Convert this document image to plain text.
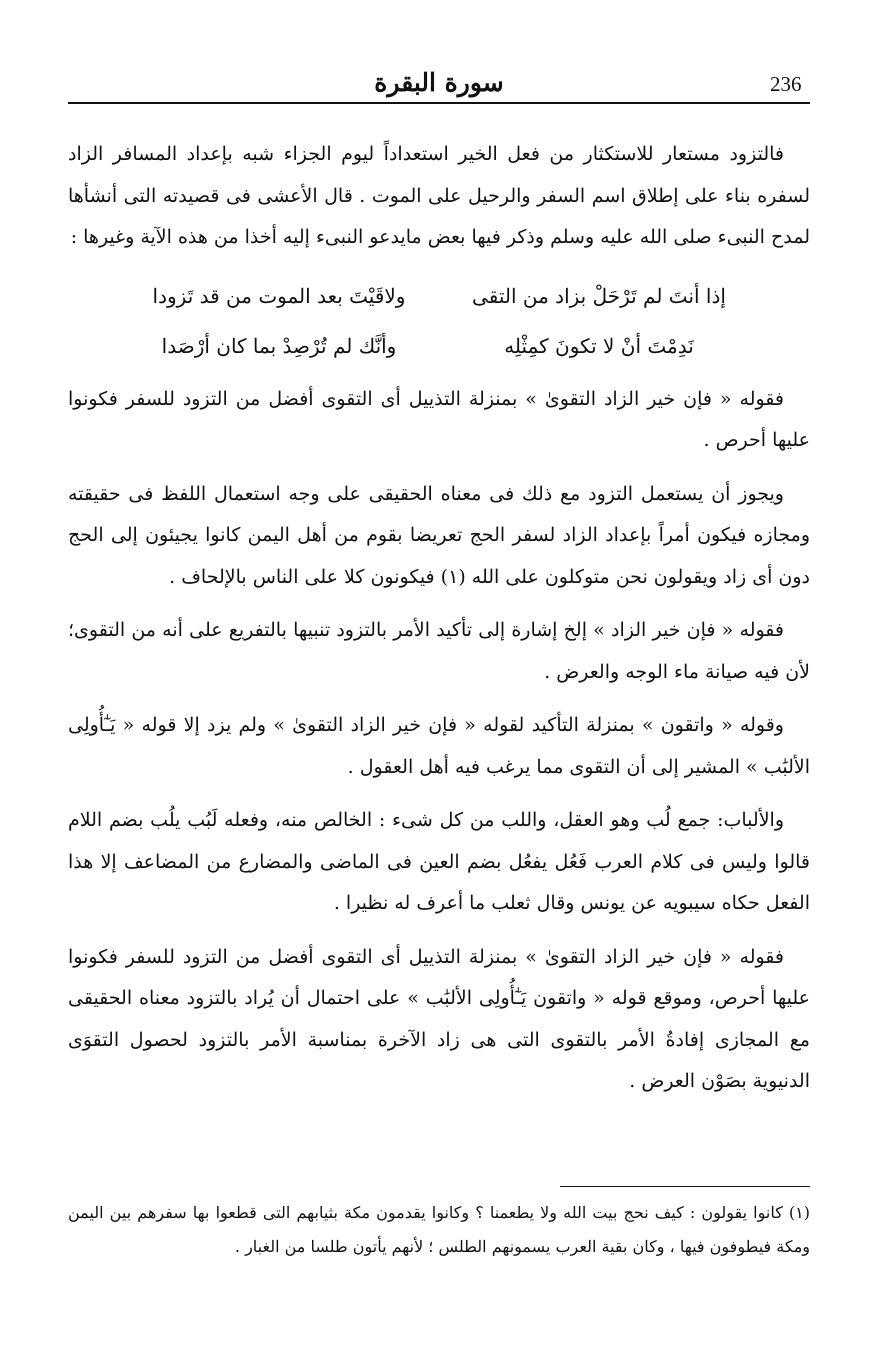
236
سورة البقرة

فالتزود مستعار للاستكثار من فعل الخير استعداداً ليوم الجزاء شبه بإعداد المسافر الزاد لسفره بناء على إطلاق اسم السفر والرحيل على الموت . قال الأعشى فى قصيدته التى أنشأها لمدح النبىء صلى الله عليه وسلم وذكر فيها بعض مايدعو النبىء إليه أخذا من هذه الآية وغيرها :

إذا أنتَ لم تَرْحَلْ بزاد من التقى
ولاقَيْتَ بعد الموت من قد تَزودا
نَدِمْتَ أنْ لا تكونَ كمِثْلِه
وأنَّك لم تُرْصِدْ بما كان أرْصَدا

فقوله « فإن خير الزاد التقوىٰ » بمنزلة التذييل أى التقوى أفضل من التزود للسفر فكونوا عليها أحرص .

ويجوز أن يستعمل التزود مع ذلك فى معناه الحقيقى على وجه استعمال اللفظ فى حقيقته ومجازه فيكون أمراً بإعداد الزاد لسفر الحج تعريضا بقوم من أهل اليمن كانوا يجيئون إلى الحج دون أى زاد ويقولون نحن متوكلون على الله (١) فيكونون كلا على الناس بالإلحاف .

فقوله « فإن خير الزاد » إلخ إشارة إلى تأكيد الأمر بالتزود تنبيها بالتفريع على أنه من التقوى؛ لأن فيه صيانة ماء الوجه والعرض .

وقوله « واتقون » بمنزلة التأكيد لقوله « فإن خير الزاد التقوىٰ » ولم يزد إلا قوله « يَـٰٓأُولِى الألبَٰب » المشير إلى أن التقوى مما يرغب فيه أهل العقول .

والألباب: جمع لُب وهو العقل، واللب من كل شىء : الخالص منه، وفعله لَبُب يلُب بضم اللام قالوا وليس فى كلام العرب فَعُل يفعُل بضم العين فى الماضى والمضارع من المضاعف إلا هذا الفعل حكاه سيبويه عن يونس وقال ثعلب ما أعرف له نظيرا .

فقوله « فإن خير الزاد التقوىٰ » بمنزلة التذييل أى التقوى أفضل من التزود للسفر فكونوا عليها أحرص، وموقع قوله « واتقون يَـٰٓأُولِى الألبَٰب » على احتمال أن يُراد بالتزود معناه الحقيقى مع المجازى إفادةُ الأمر بالتقوى التى هى زاد الآخرة بمناسبة الأمر بالتزود لحصول التقوَى الدنيوية بصَوْن العرض .

(١) كانوا يقولون : كيف نحج بيت الله ولا يطعمنا ؟ وكانوا يقدمون مكة بثيابهم التى قطعوا بها سفرهم بين اليمن ومكة فيطوفون فيها ، وكان بقية العرب يسمونهم الطلس ؛ لأنهم يأتون طلسا من الغبار .
